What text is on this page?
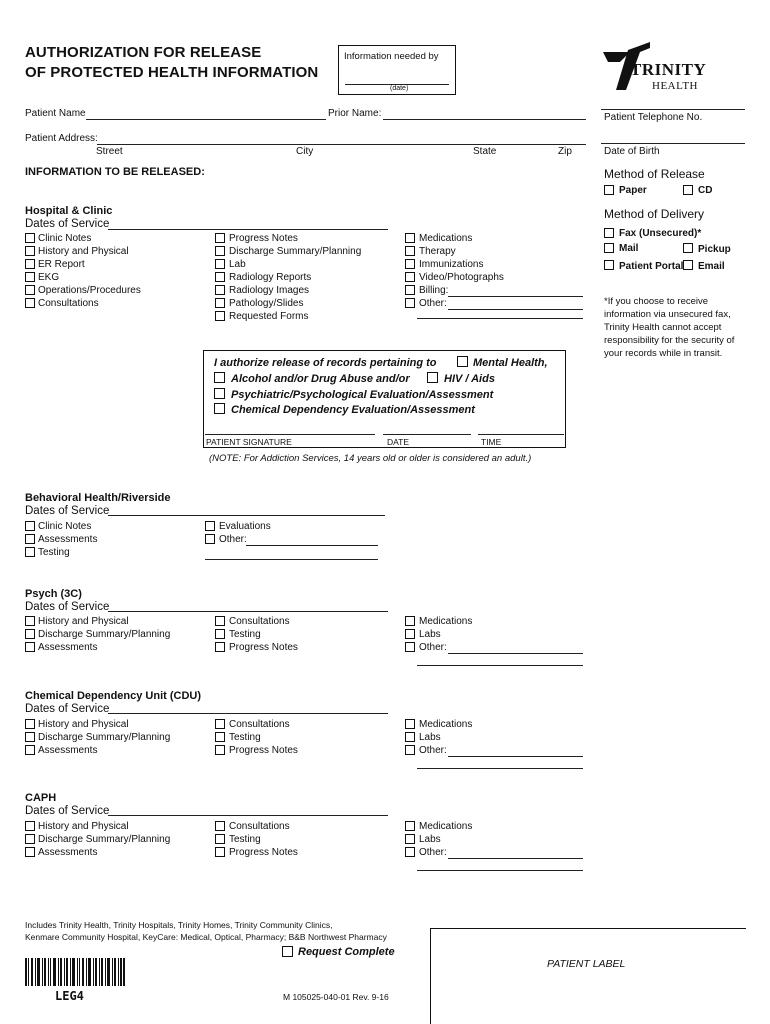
AUTHORIZATION FOR RELEASE
OF PROTECTED HEALTH INFORMATION
Information needed by
(date)
TRINITY
HEALTH
Patient Name	Prior Name:
Patient Address:
Street	City	State	Zip
Patient Telephone No.
Date of Birth
INFORMATION TO BE RELEASED:	Method of Release
Paper	CD
Method of Delivery
Fax (Unsecured)*
Mail	Pickup
Patient Portal Email
*If you choose to receive
information via unsecured fax,
Trinity Health cannot accept
responsibility for the security of
your records while in transit.
Hospital & Clinic
Dates of Service
Clinic Notes
History and Physical
ER Report
EKG
Operations/Procedures
Consultations
Progress Notes
Discharge Summary/Planning
Lab
Radiology Reports
Radiology Images
Pathology/Slides
Requested Forms
Medications
Therapy
Immunizations
Video/Photographs
Billing:
Other:
I authorize release of records pertaining to	Mental Health,
Alcohol and/or Drug Abuse and/or	HIV / Aids
Psychiatric/Psychological Evaluation/Assessment
Chemical Dependency Evaluation/Assessment
PATIENT SIGNATURE	DATE	TIME
(NOTE: For Addiction Services, 14 years old or older is considered an adult.)
Behavioral Health/Riverside
Dates of Service
Clinic Notes
Assessments
Testing
Evaluations
Other:
Psych (3C)
Dates of Service
History and Physical
Discharge Summary/Planning
Assessments
Consultations
Testing
Progress Notes
Medications
Labs
Other:
Chemical Dependency Unit (CDU)
Dates of Service
History and Physical
Discharge Summary/Planning
Assessments
Consultations
Testing
Progress Notes
Medications
Labs
Other:
CAPH
Dates of Service
History and Physical
Discharge Summary/Planning
Assessments
Consultations
Testing
Progress Notes
Medications
Labs
Other:
Includes Trinity Health, Trinity Hospitals, Trinity Homes, Trinity Community Clinics,
Kenmare Community Hospital, KeyCare: Medical, Optical, Pharmacy; B&B Northwest Pharmacy
Request Complete
PATIENT LABEL
LEG4	M 105025-040-01 Rev. 9-16
